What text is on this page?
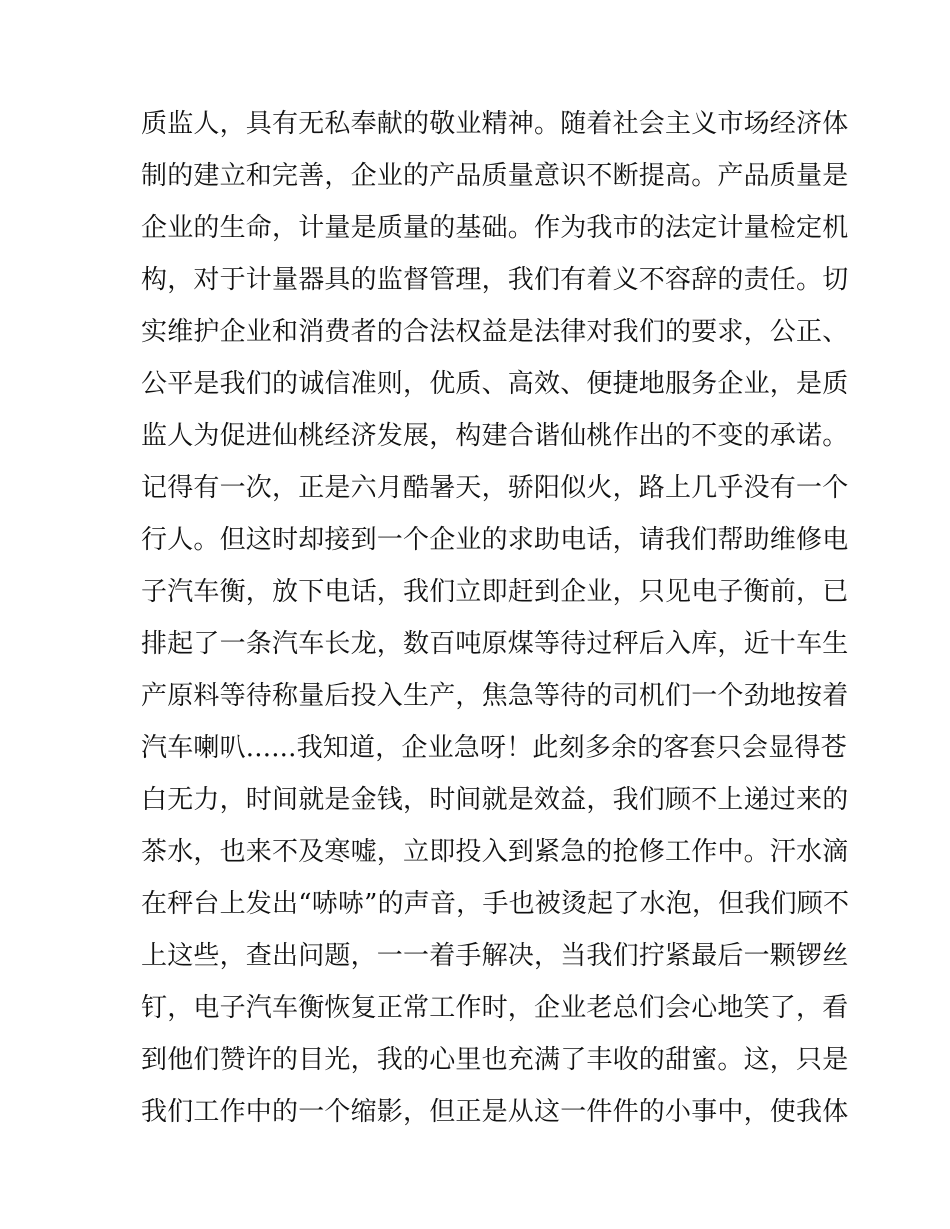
质监人，具有无私奉献的敬业精神。随着社会主义市场经济体
制的建立和完善，企业的产品质量意识不断提高。产品质量是
企业的生命，计量是质量的基础。作为我市的法定计量检定机
构，对于计量器具的监督管理，我们有着义不容辞的责任。切
实维护企业和消费者的合法权益是法律对我们的要求，公正、
公平是我们的诚信准则，优质、高效、便捷地服务企业，是质
监人为促进仙桃经济发展，构建合谐仙桃作出的不变的承诺。
记得有一次，正是六月酷暑天，骄阳似火，路上几乎没有一个
行人。但这时却接到一个企业的求助电话，请我们帮助维修电
子汽车衡，放下电话，我们立即赶到企业，只见电子衡前，已
排起了一条汽车长龙，数百吨原煤等待过秤后入库，近十车生
产原料等待称量后投入生产，焦急等待的司机们一个劲地按着
汽车喇叭......我知道，企业急呀！此刻多余的客套只会显得苍
白无力，时间就是金钱，时间就是效益，我们顾不上递过来的
茶水，也来不及寒嘘，立即投入到紧急的抢修工作中。汗水滴
在秤台上发出“哧哧”的声音，手也被烫起了水泡，但我们顾不
上这些，查出问题，一一着手解决，当我们拧紧最后一颗锣丝
钉，电子汽车衡恢复正常工作时，企业老总们会心地笑了，看
到他们赞许的目光，我的心里也充满了丰收的甜蜜。这，只是
我们工作中的一个缩影，但正是从这一件件的小事中，使我体
